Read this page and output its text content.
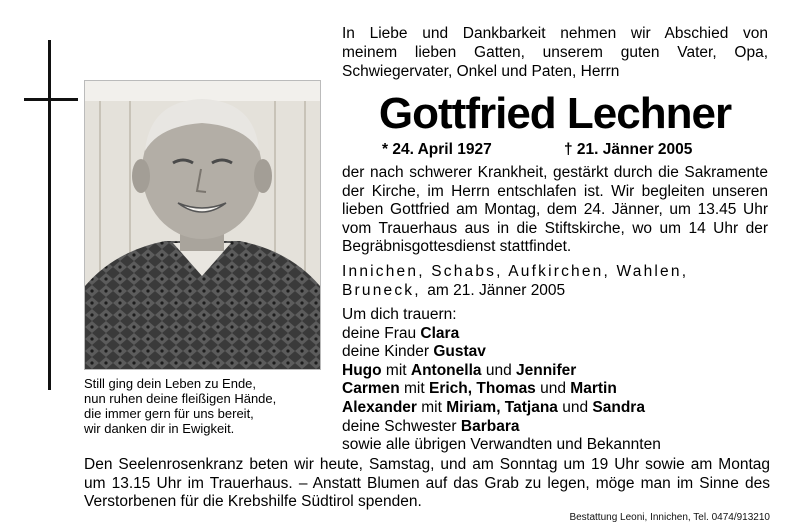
Still ging dein Leben zu Ende,
nun ruhen deine fleißigen Hände,
die immer gern für uns bereit,
wir danken dir in Ewigkeit.
In Liebe und Dankbarkeit nehmen wir Abschied von
meinem lieben Gatten, unserem guten Vater, Opa,
Schwiegervater, Onkel und Paten, Herrn
Gottfried Lechner
* 24. April 1927	† 21. Jänner 2005
der nach schwerer Krankheit, gestärkt durch die Sakramente der Kirche, im Herrn entschlafen ist. Wir begleiten unseren lieben Gottfried am Montag, dem 24. Jänner, um 13.45 Uhr vom Trauerhaus aus in die Stiftskirche, wo um 14 Uhr der Begräbnisgottesdienst stattfindet.
Innichen, Schabs, Aufkirchen, Wahlen,
Bruneck, am 21. Jänner 2005
Um dich trauern:
deine Frau Clara
deine Kinder Gustav
Hugo mit Antonella und Jennifer
Carmen mit Erich, Thomas und Martin
Alexander mit Miriam, Tatjana und Sandra
deine Schwester Barbara
sowie alle übrigen Verwandten und Bekannten
Den Seelenrosenkranz beten wir heute, Samstag, und am Sonntag um 19 Uhr sowie am Montag um 13.15 Uhr im Trauerhaus. – Anstatt Blumen auf das Grab zu legen, möge man im Sinne des Verstorbenen für die Krebshilfe Südtirol spenden.
Bestattung Leoni, Innichen, Tel. 0474/913210
